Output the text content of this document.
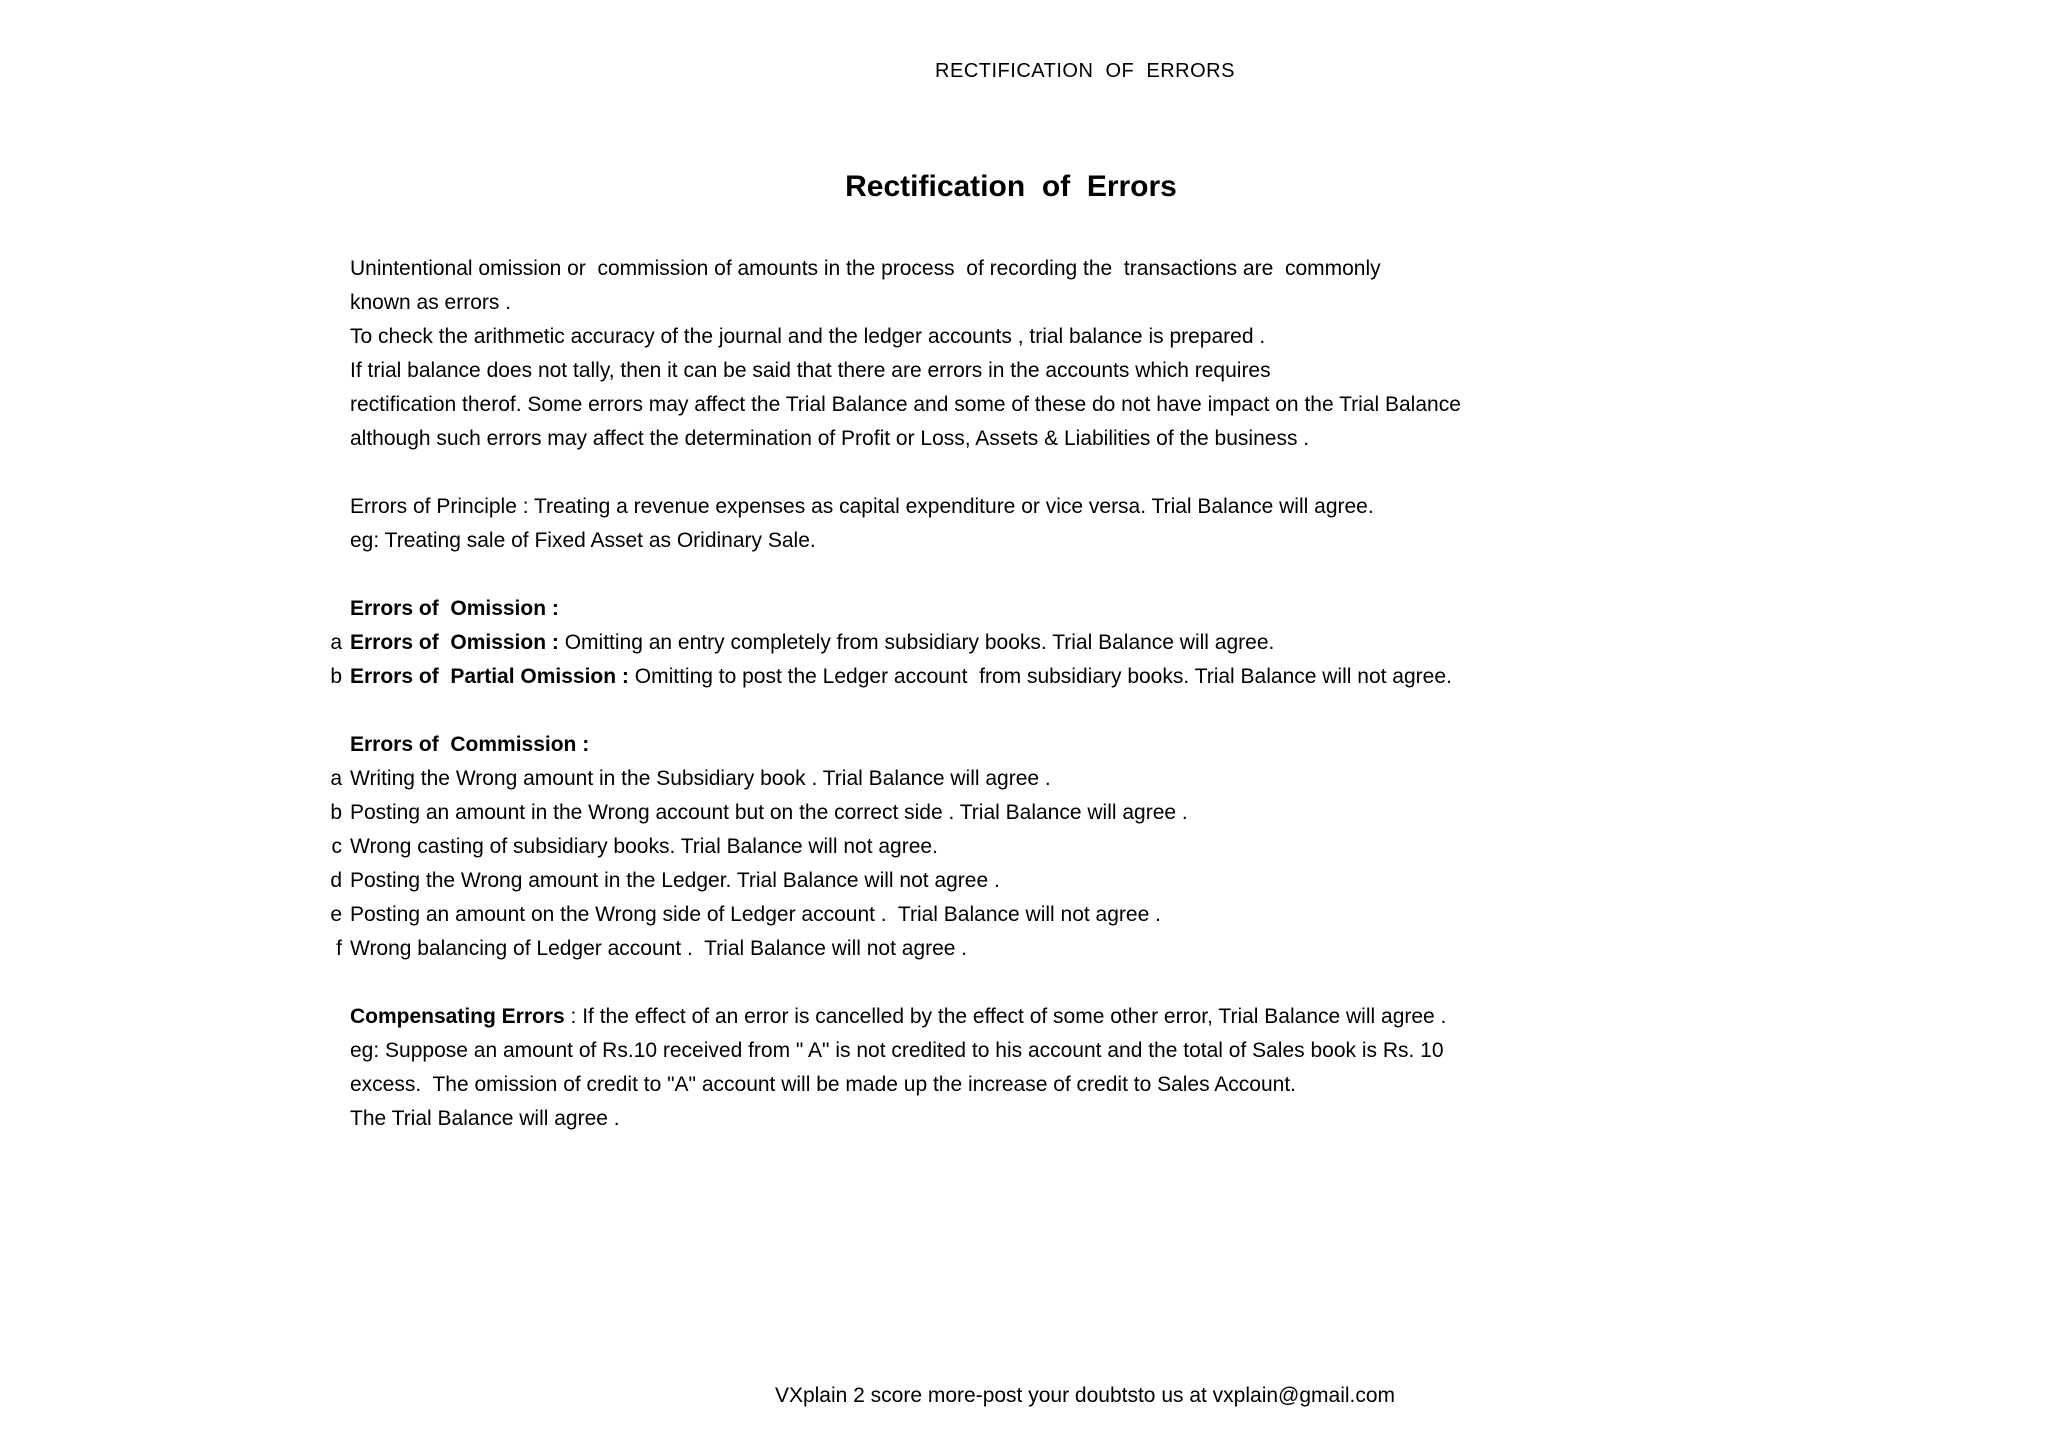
RECTIFICATION  OF  ERRORS
Rectification  of  Errors
Unintentional omission or  commission of amounts in the process  of recording the  transactions are  commonly
known as errors .
To check the arithmetic accuracy of the journal and the ledger accounts , trial balance is prepared .
If trial balance does not tally, then it can be said that there are errors in the accounts which requires
rectification therof. Some errors may affect the Trial Balance and some of these do not have impact on the Trial Balance
although such errors may affect the determination of Profit or Loss, Assets & Liabilities of the business .
Errors of Principle : Treating a revenue expenses as capital expenditure or vice versa. Trial Balance will agree.
eg: Treating sale of Fixed Asset as Oridinary Sale.
Errors of  Omission :
a Errors of  Omission : Omitting an entry completely from subsidiary books. Trial Balance will agree.
b Errors of  Partial Omission : Omitting to post the Ledger account  from subsidiary books. Trial Balance will not agree.
Errors of  Commission :
a Writing the Wrong amount in the Subsidiary book . Trial Balance will agree .
b Posting an amount in the Wrong account but on the correct side . Trial Balance will agree .
c Wrong casting of subsidiary books. Trial Balance will not agree.
d Posting the Wrong amount in the Ledger. Trial Balance will not agree .
e Posting an amount on the Wrong side of Ledger account .  Trial Balance will not agree .
f Wrong balancing of Ledger account .  Trial Balance will not agree .
Compensating Errors : If the effect of an error is cancelled by the effect of some other error, Trial Balance will agree .
eg: Suppose an amount of Rs.10 received from " A" is not credited to his account and the total of Sales book is Rs. 10
excess.  The omission of credit to "A" account will be made up the increase of credit to Sales Account.
The Trial Balance will agree .
VXplain 2 score more-post your doubtsto us at vxplain@gmail.com
